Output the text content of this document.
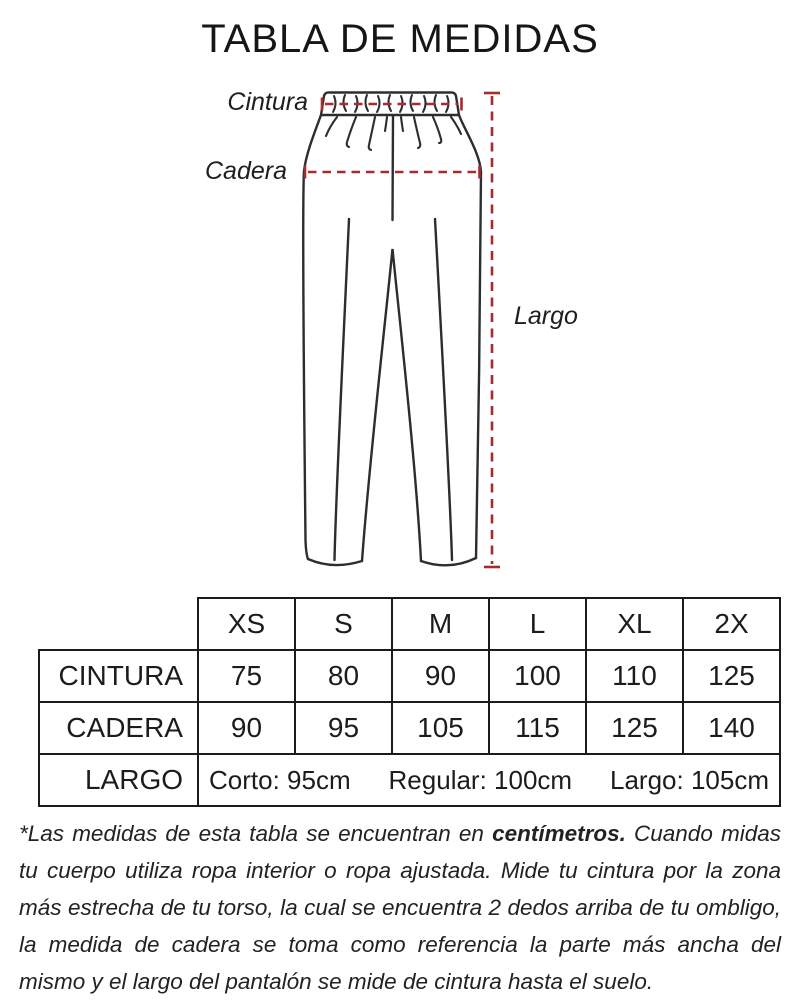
TABLA DE MEDIDAS
Cintura
Cadera
Largo
	XS	S	M	L	XL	2X
CINTURA	75	80	90	100	110	125
CADERA	90	95	105	115	125	140
LARGO	Corto: 95cm Regular: 100cm Largo: 105cm					
*Las medidas de esta tabla se encuentran en centímetros. Cuando midas tu cuerpo utiliza ropa interior o ropa ajustada. Mide tu cintura por la zona más estrecha de tu torso, la cual se encuentra 2 dedos arriba de tu ombligo, la medida de cadera se toma como referencia la parte más ancha del mismo y el largo del pantalón se mide de cintura hasta el suelo.
